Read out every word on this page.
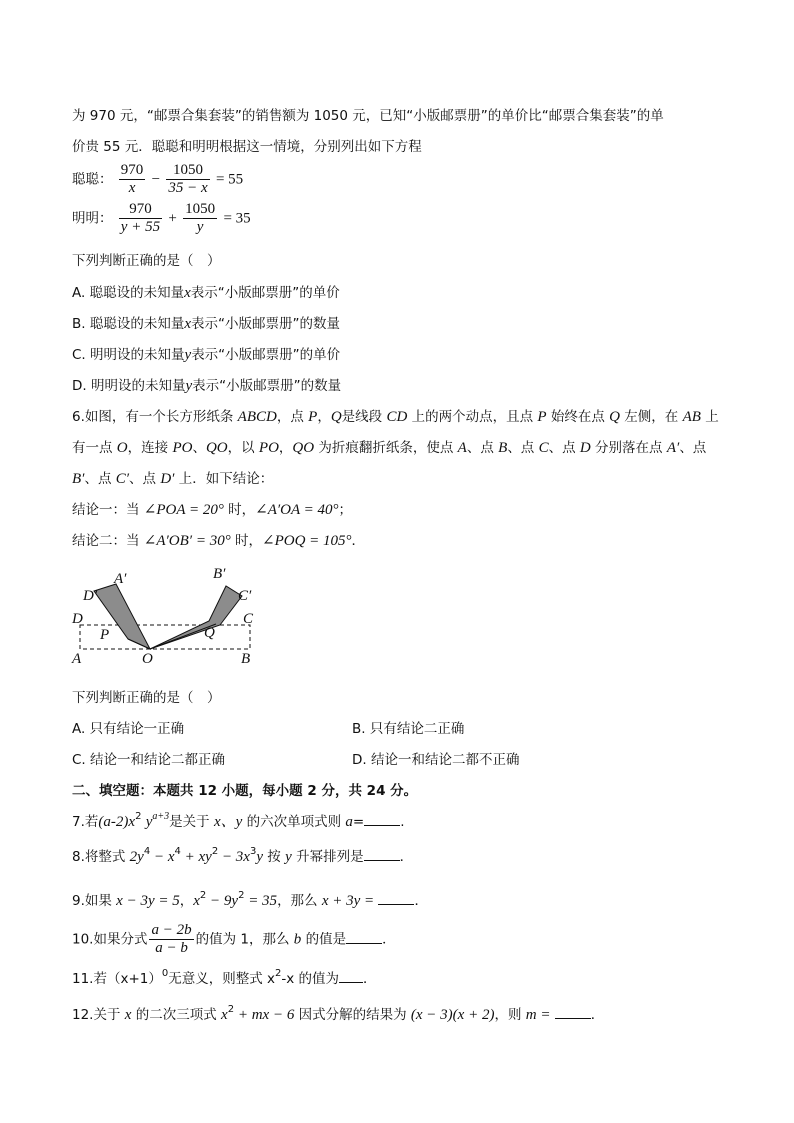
为 970 元，“邮票合集套装”的销售额为 1050 元，已知“小版邮票册”的单价比“邮票合集套装”的单
价贵 55 元．聪聪和明明根据这一情境，分别列出如下方程
聪聪： $\frac{970}{x} - \frac{1050}{35 - x} = 55$
明明： $\frac{970}{y + 55} + \frac{1050}{y} = 35$
下列判断正确的是（　）
A. 聪聪设的未知量x表示“小版邮票册”的单价
B. 聪聪设的未知量x表示“小版邮票册”的数量
C. 明明设的未知量y表示“小版邮票册”的单价
D. 明明设的未知量y表示“小版邮票册”的数量
6.如图，有一个长方形纸条 ABCD，点 P，Q是线段 CD 上的两个动点，且点 P 始终在点 Q 左侧，在 AB 上
有一点 O，连接 PO、QO，以 PO，QO 为折痕翻折纸条，使点 A、点 B、点 C、点 D 分别落在点 A′、点
B′、点 C′、点 D′ 上．如下结论：
结论一：当 ∠POA = 20° 时，∠A′OA = 40°；
结论二：当 ∠A′OB′ = 30° 时，∠POQ = 105°．
D′
A′	B′
C′
D	C
P	Q
A	O	B
下列判断正确的是（　）
A. 只有结论一正确	B. 只有结论二正确
C. 结论一和结论二都正确	D. 结论一和结论二都不正确
二、填空题：本题共 12 小题，每小题 2 分，共 24 分。
7.若$(a-2)x^2$ $y^{a+3}$是关于 x、y 的六次单项式则 a=	.
8.将整式 $2y^4 - x^4 + xy^2 - 3x^3y$ 按 y 升幂排列是	．
9.如果 x − 3y = 5，$x^2 - 9y^2 = 35$，那么 x + 3y =	．
10.如果分式 $\frac{a - 2b}{a - b}$ 的值为 1，那么 b 的值是	．
11.若$(x+1)^0$无意义，则整式 $x^2-x$ 的值为 ．
12.关于 x 的二次三项式 $x^2$ + mx − 6 因式分解的结果为 (x − 3)(x + 2)，则 m =	．
